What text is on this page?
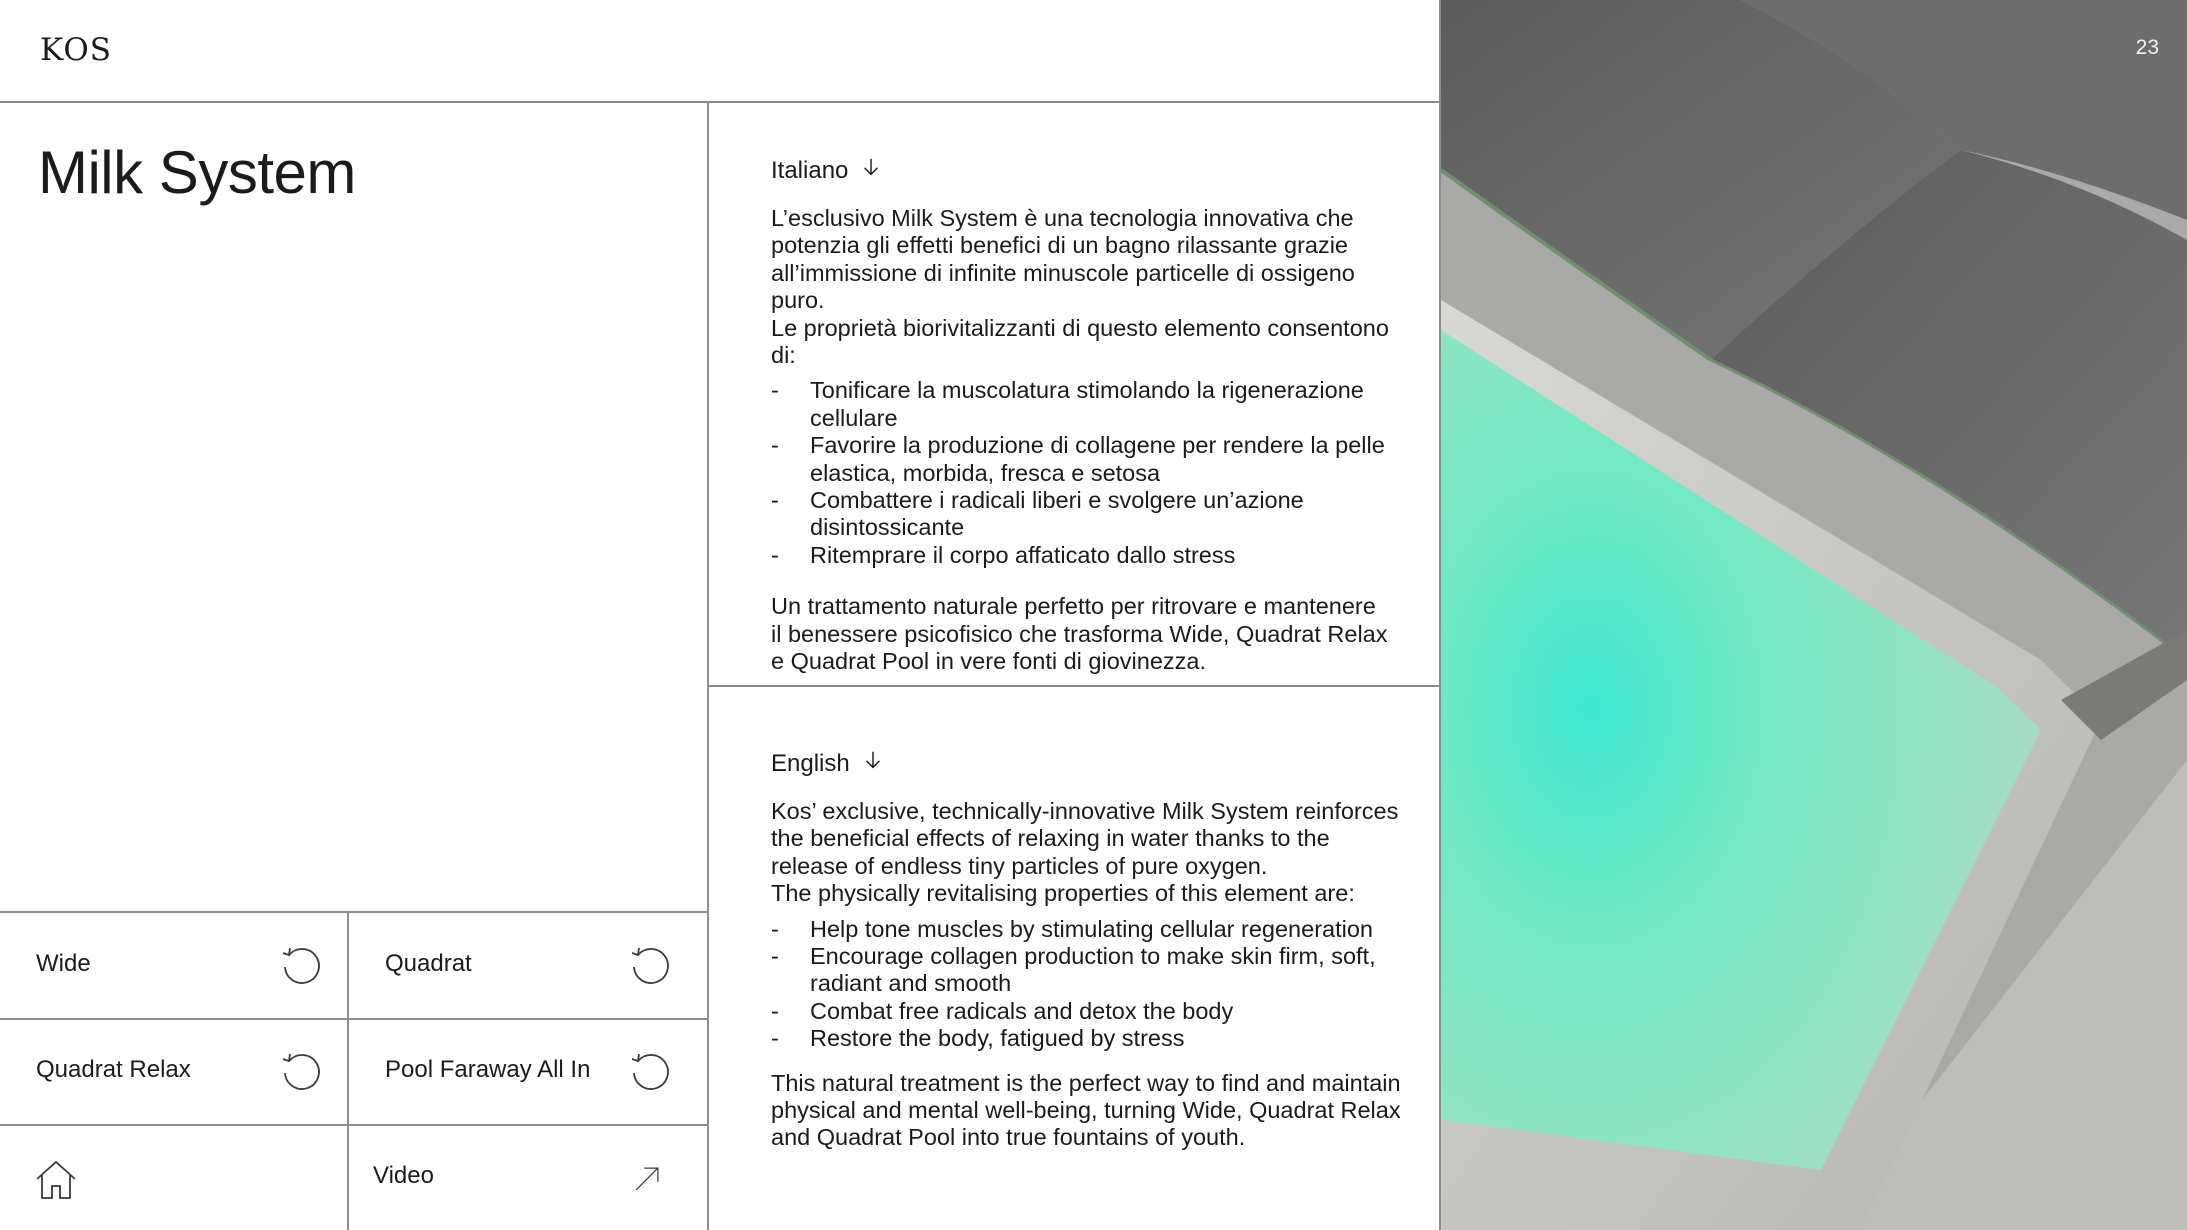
KOS
Milk System	Italiano

L’esclusivo Milk System è una tecnologia innovativa che
potenzia gli effetti benefici di un bagno rilassante grazie
all’immissione di infinite minuscole particelle di ossigeno puro.
Le proprietà biorivitalizzanti di questo elemento consentono di:

- Tonificare la muscolatura stimolando la rigenerazione
cellulare
- Favorire la produzione di collagene per rendere la pelle
elastica, morbida, fresca e setosa
- Combattere i radicali liberi e svolgere un’azione
disintossicante
- Ritemprare il corpo affaticato dallo stress

Un trattamento naturale perfetto per ritrovare e mantenere
il benessere psicofisico che trasforma Wide, Quadrat Relax
e Quadrat Pool in vere fonti di giovinezza.

English

Kos’ exclusive, technically-innovative Milk System reinforces
the beneficial effects of relaxing in water thanks to the
release of endless tiny particles of pure oxygen.
The physically revitalising properties of this element are:

- Help tone muscles by stimulating cellular regeneration
- Encourage collagen production to make skin firm, soft,
radiant and smooth
- Combat free radicals and detox the body
- Restore the body, fatigued by stress

This natural treatment is the perfect way to find and maintain
physical and mental well-being, turning Wide, Quadrat Relax
and Quadrat Pool into true fountains of youth.

Wide	Quadrat
Quadrat Relax	Pool Faraway All In
Video
23
